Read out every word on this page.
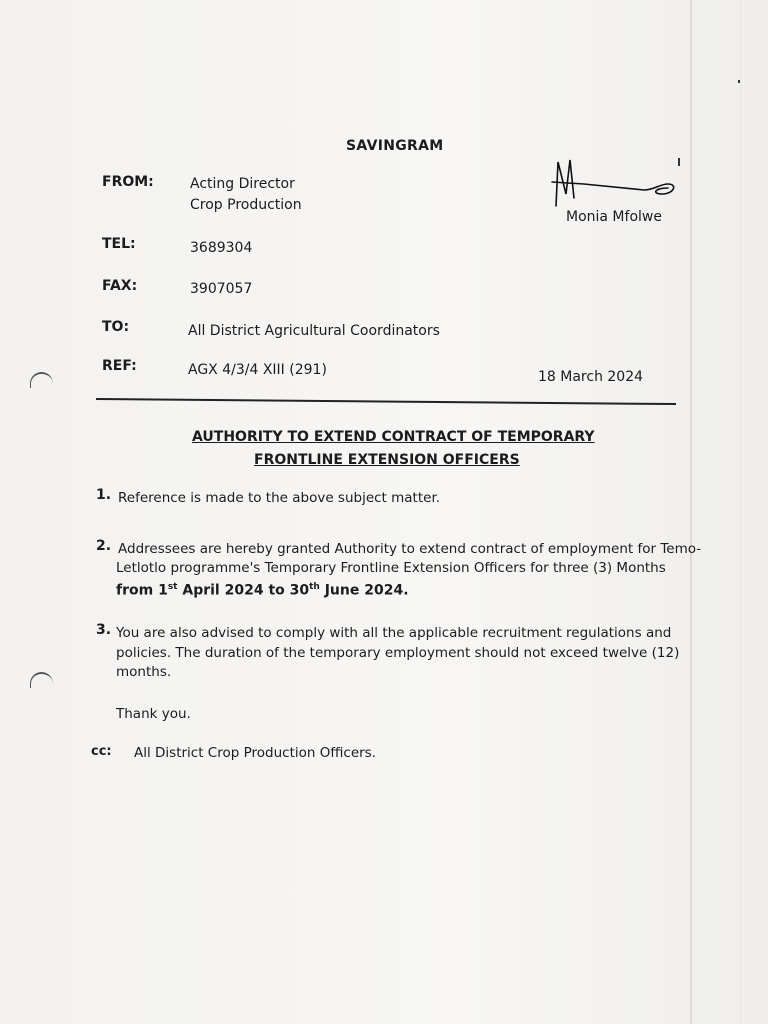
SAVINGRAM
FROM:	Acting Director
Crop Production
Monia Mfolwe
TEL:	3689304
FAX:	3907057
TO:	All District Agricultural Coordinators
REF:	AGX 4/3/4 XIII (291)	18 March 2024
AUTHORITY TO EXTEND CONTRACT OF TEMPORARY
FRONTLINE EXTENSION OFFICERS
1. Reference is made to the above subject matter.
2. Addressees are hereby granted Authority to extend contract of employment for Temo-
Letlotlo programme's Temporary Frontline Extension Officers for three (3) Months
from 1st April 2024 to 30th June 2024.
3. You are also advised to comply with all the applicable recruitment regulations and
policies. The duration of the temporary employment should not exceed twelve (12)
months.
Thank you.
cc: All District Crop Production Officers.
